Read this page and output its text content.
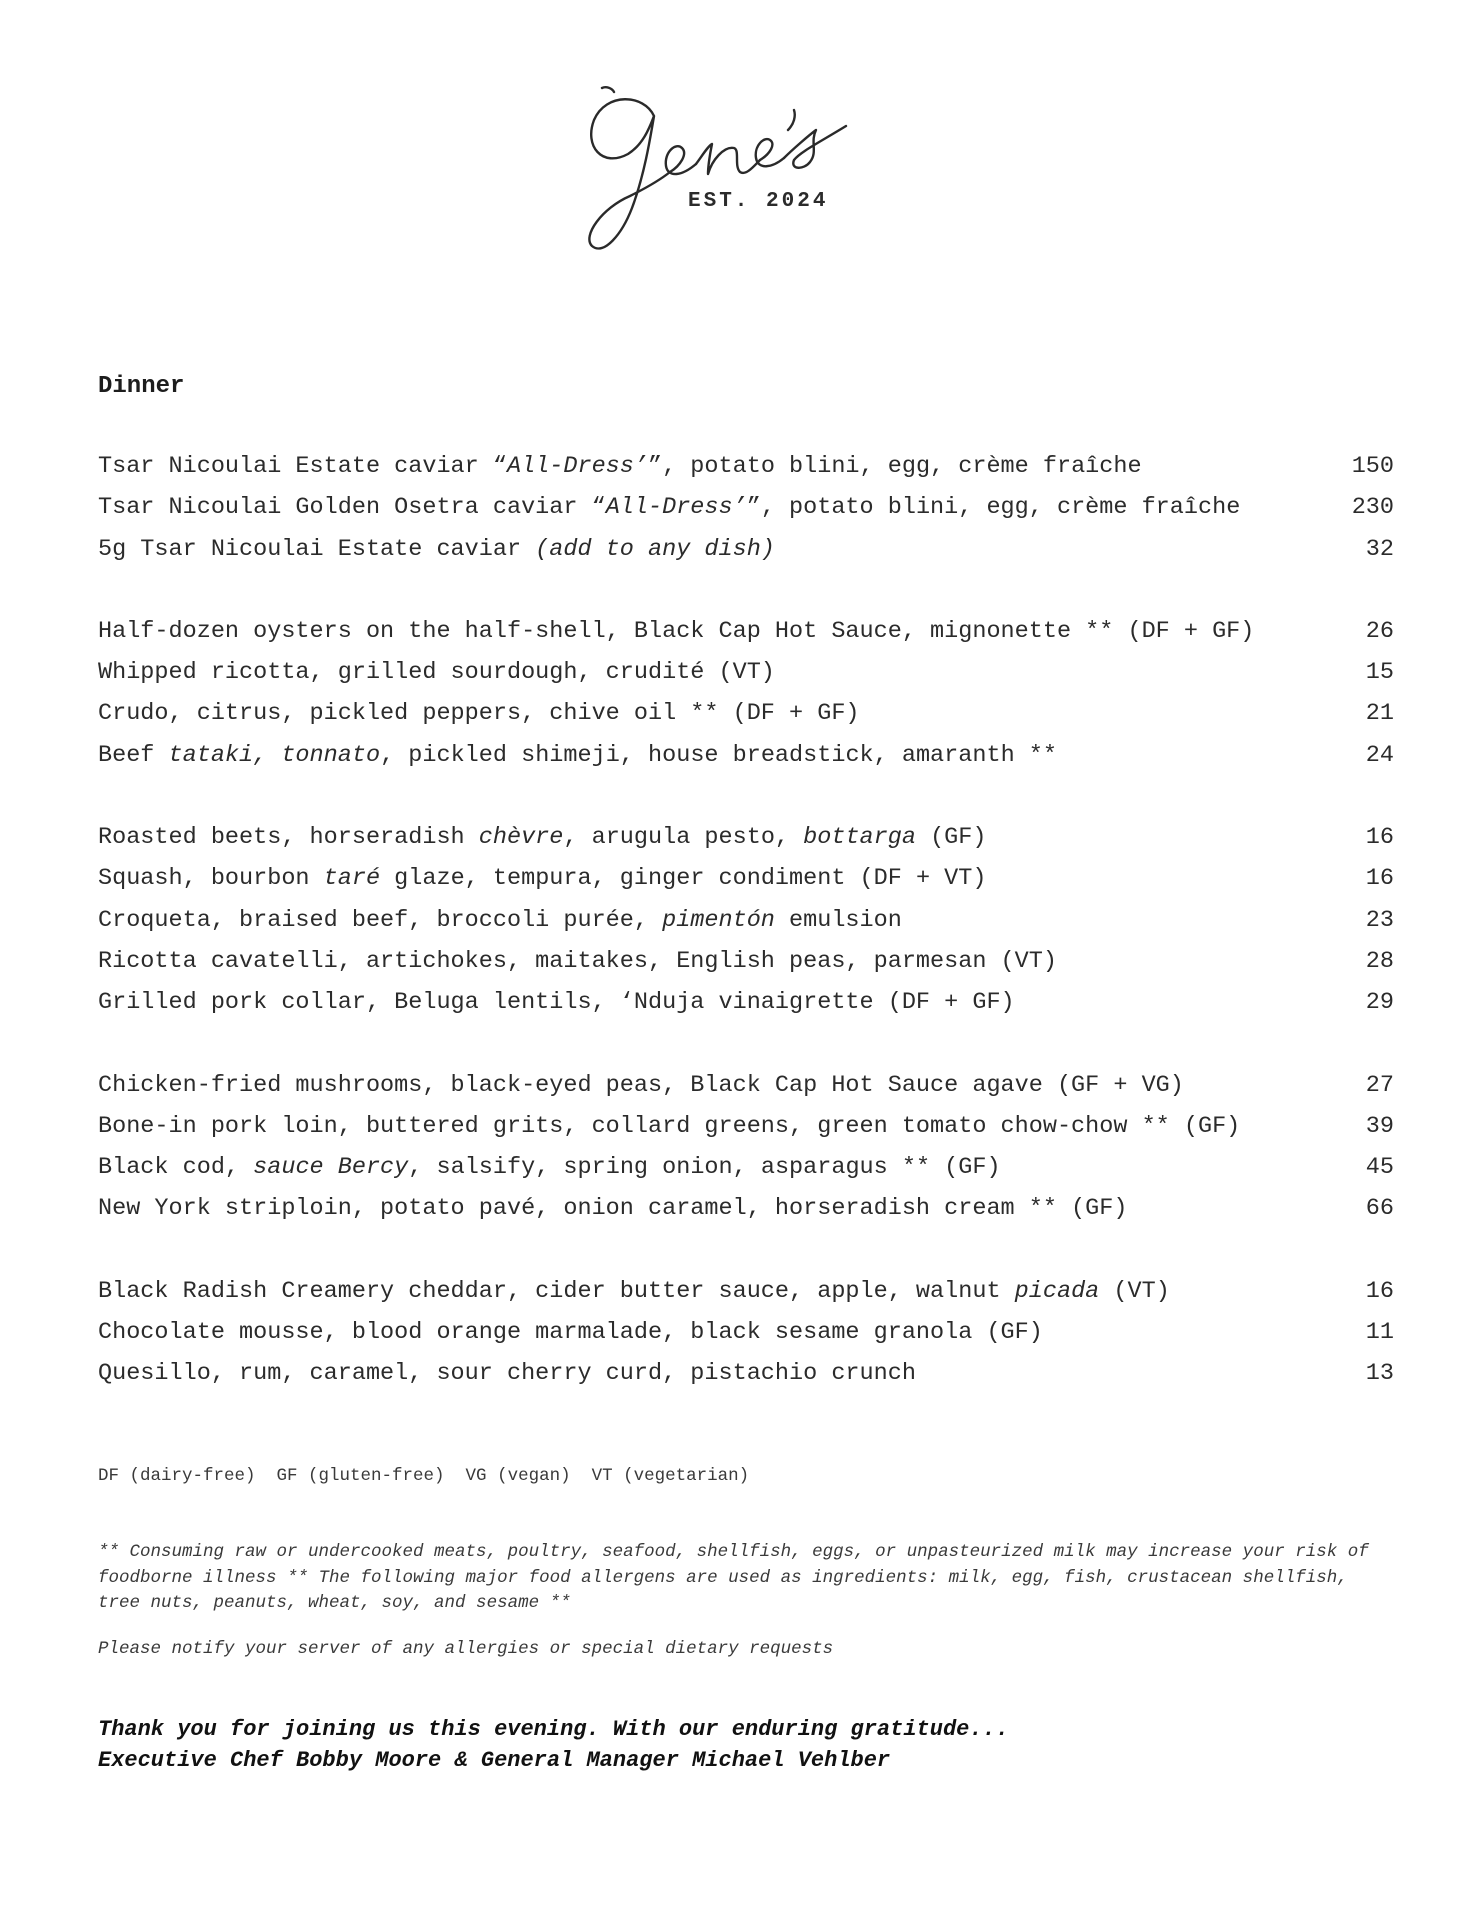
EST. 2024
Dinner
Tsar Nicoulai Estate caviar “All-Dress’”, potato blini, egg, crème fraîche	150
Tsar Nicoulai Golden Osetra caviar “All-Dress’”, potato blini, egg, crème fraîche	230
5g Tsar Nicoulai Estate caviar (add to any dish)	32
Half-dozen oysters on the half-shell, Black Cap Hot Sauce, mignonette ** (DF + GF)	26
Whipped ricotta, grilled sourdough, crudité (VT)	15
Crudo, citrus, pickled peppers, chive oil ** (DF + GF)	21
Beef tataki, tonnato, pickled shimeji, house breadstick, amaranth **	24
Roasted beets, horseradish chèvre, arugula pesto, bottarga (GF)	16
Squash, bourbon taré glaze, tempura, ginger condiment (DF + VT)	16
Croqueta, braised beef, broccoli purée, pimentón emulsion	23
Ricotta cavatelli, artichokes, maitakes, English peas, parmesan (VT)	28
Grilled pork collar, Beluga lentils, ‘Nduja vinaigrette (DF + GF)	29
Chicken-fried mushrooms, black-eyed peas, Black Cap Hot Sauce agave (GF + VG)	27
Bone-in pork loin, buttered grits, collard greens, green tomato chow-chow ** (GF)	39
Black cod, sauce Bercy, salsify, spring onion, asparagus ** (GF)	45
New York striploin, potato pavé, onion caramel, horseradish cream ** (GF)	66
Black Radish Creamery cheddar, cider butter sauce, apple, walnut picada (VT)	16
Chocolate mousse, blood orange marmalade, black sesame granola (GF)	11
Quesillo, rum, caramel, sour cherry curd, pistachio crunch	13
DF (dairy-free)  GF (gluten-free)  VG (vegan)  VT (vegetarian)

** Consuming raw or undercooked meats, poultry, seafood, shellfish, eggs, or unpasteurized milk may increase your risk of foodborne illness ** The following major food allergens are used as ingredients: milk, egg, fish, crustacean shellfish, tree nuts, peanuts, wheat, soy, and sesame **

Please notify your server of any allergies or special dietary requests
Thank you for joining us this evening. With our enduring gratitude...
Executive Chef Bobby Moore & General Manager Michael Vehlber
